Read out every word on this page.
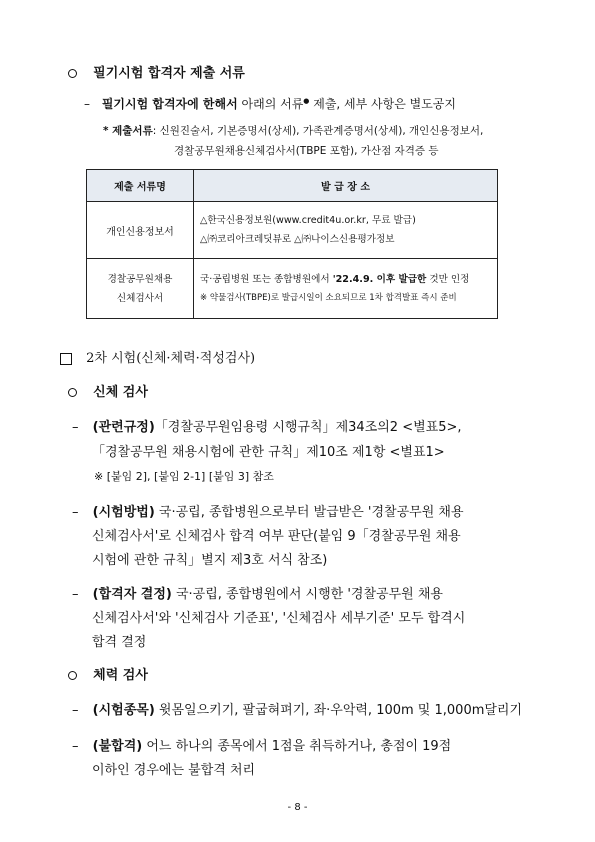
필기시험 합격자 제출 서류
– 필기시험 합격자에 한해서 아래의 서류● 제출, 세부 사항은 별도공지
* 제출서류: 신원진술서, 기본증명서(상세), 가족관계증명서(상세), 개인신용정보서,
경찰공무원채용신체검사서(TBPE 포함), 가산점 자격증 등
제출 서류명	발 급 장 소
개인신용정보서	△한국신용정보원(www.credit4u.or.kr, 무료 발급)
△㈜코리아크레딧뷰로 △㈜나이스신용평가정보

경찰공무원채용
신체검사서	국·공립병원 또는 종합병원에서 '22.4.9. 이후 발급한 것만 인정
※ 약물검사(TBPE)로 발급시일이 소요되므로 1차 합격발표 즉시 준비
2차 시험(신체·체력·적성검사)
신체 검사
– (관련규정)「경찰공무원임용령 시행규칙」제34조의2 <별표5>,
「경찰공무원 채용시험에 관한 규칙」제10조 제1항 <별표1>
※ [붙임 2], [붙임 2-1] [붙임 3] 참조
– (시험방법) 국·공립, 종합병원으로부터 발급받은 '경찰공무원 채용
신체검사서'로 신체검사 합격 여부 판단(붙임 9「경찰공무원 채용
시험에 관한 규칙」별지 제3호 서식 참조)
– (합격자 결정) 국·공립, 종합병원에서 시행한 '경찰공무원 채용
신체검사서'와 '신체검사 기준표', '신체검사 세부기준' 모두 합격시
합격 결정
체력 검사
– (시험종목) 윗몸일으키기, 팔굽혀펴기, 좌·우악력, 100m 및 1,000m달리기
– (불합격) 어느 하나의 종목에서 1점을 취득하거나, 총점이 19점
이하인 경우에는 불합격 처리
- 8 -
